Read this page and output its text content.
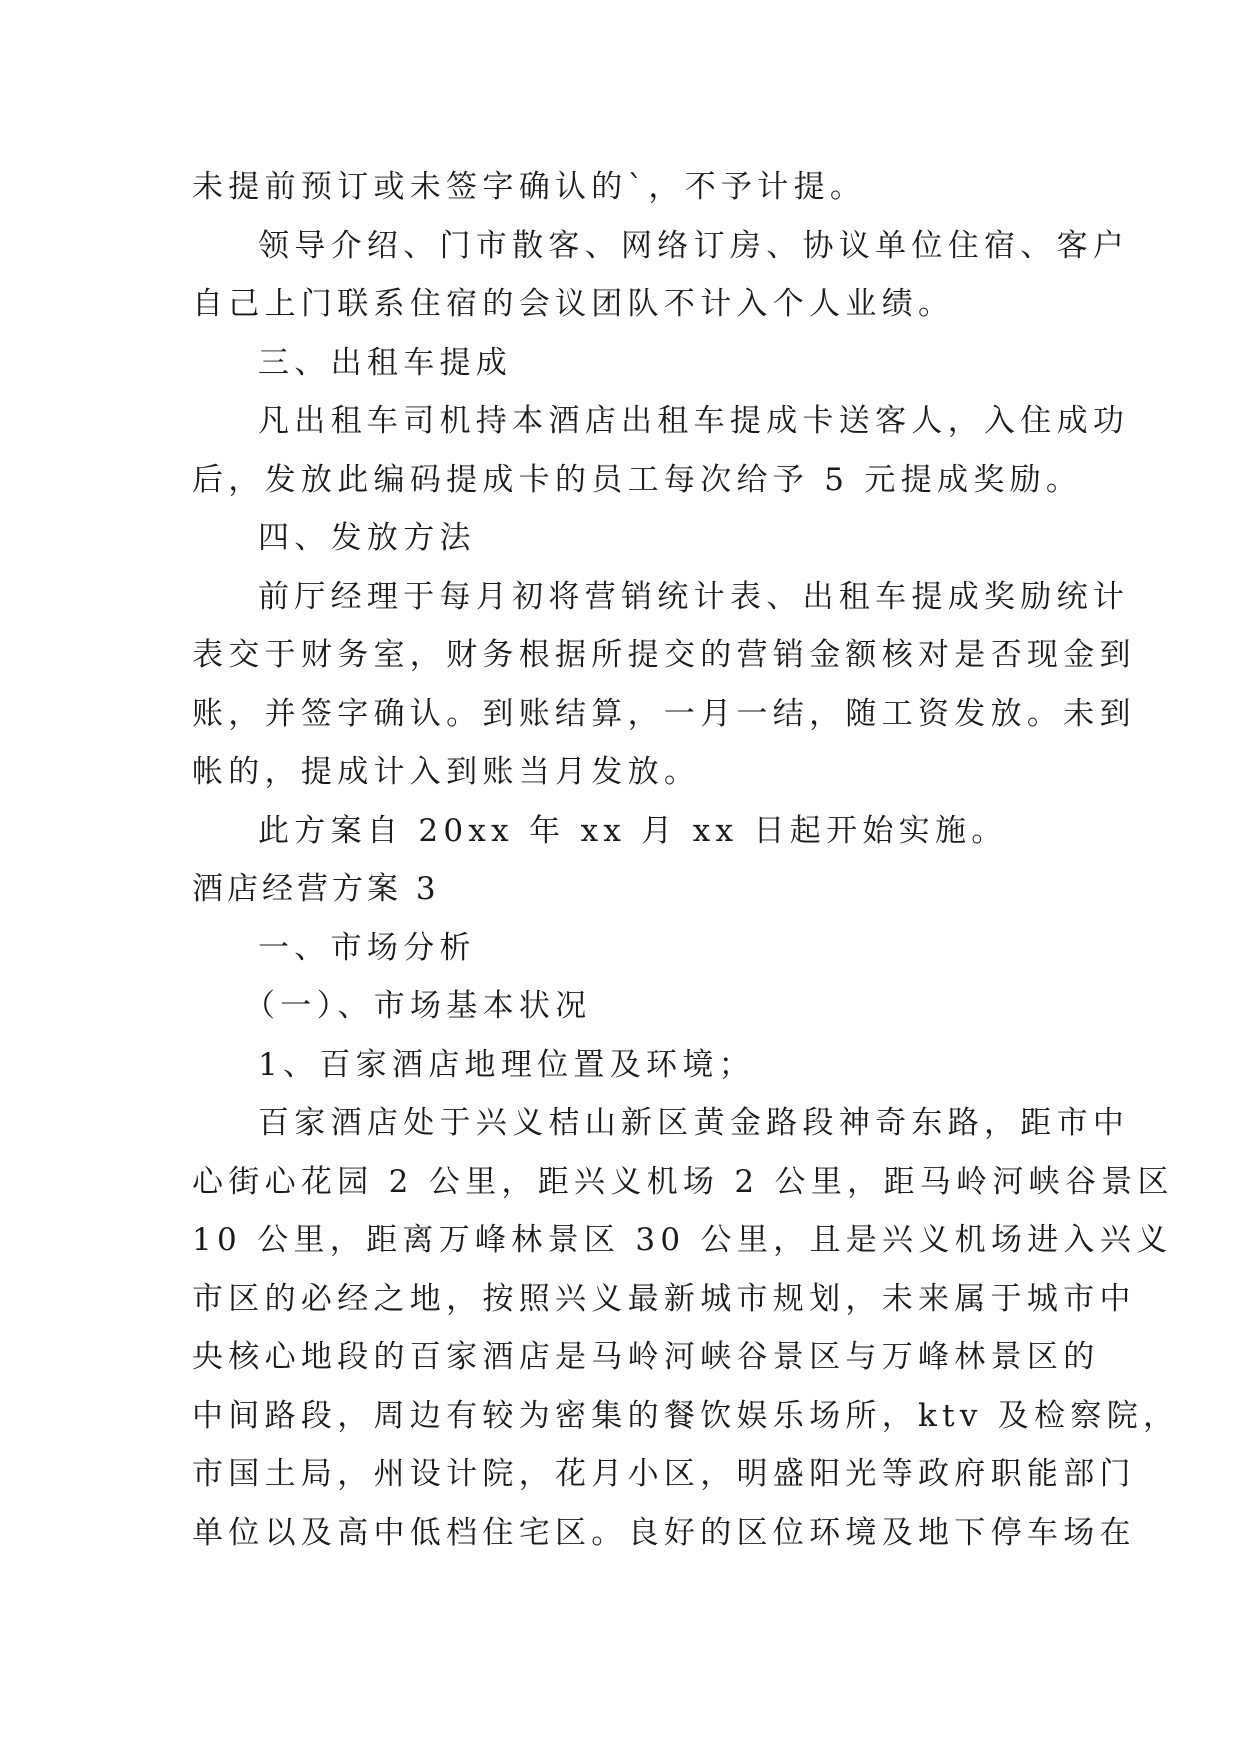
未提前预订或未签字确认的`，不予计提。

领导介绍、门市散客、网络订房、协议单位住宿、客户

自己上门联系住宿的会议团队不计入个人业绩。

三、出租车提成

凡出租车司机持本酒店出租车提成卡送客人，入住成功

后，发放此编码提成卡的员工每次给予 5 元提成奖励。

四、发放方法

前厅经理于每月初将营销统计表、出租车提成奖励统计

表交于财务室，财务根据所提交的营销金额核对是否现金到

账，并签字确认。到账结算，一月一结，随工资发放。未到

帐的，提成计入到账当月发放。

此方案自 20xx 年 xx 月 xx 日起开始实施。

酒店经营方案 3

一、市场分析

（一）、市场基本状况

1、百家酒店地理位置及环境；

百家酒店处于兴义桔山新区黄金路段神奇东路，距市中

心街心花园 2 公里，距兴义机场 2 公里，距马岭河峡谷景区

10 公里，距离万峰林景区 30 公里，且是兴义机场进入兴义

市区的必经之地，按照兴义最新城市规划，未来属于城市中

央核心地段的百家酒店是马岭河峡谷景区与万峰林景区的

中间路段，周边有较为密集的餐饮娱乐场所，ktv 及检察院，

市国土局，州设计院，花月小区，明盛阳光等政府职能部门

单位以及高中低档住宅区。良好的区位环境及地下停车场在
